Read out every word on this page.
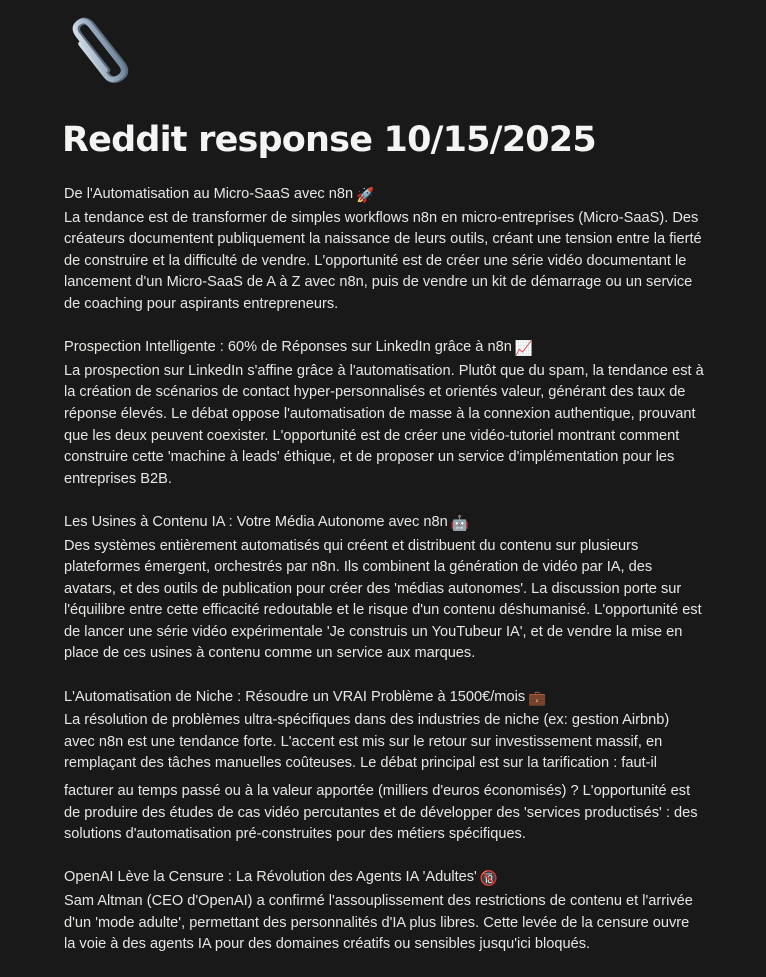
Reddit response 10/15/2025
De l'Automatisation au Micro-SaaS avec n8n 🚀
La tendance est de transformer de simples workflows n8n en micro-entreprises (Micro-SaaS). Des créateurs documentent publiquement la naissance de leurs outils, créant une tension entre la fierté de construire et la difficulté de vendre. L'opportunité est de créer une série vidéo documentant le lancement d'un Micro-SaaS de A à Z avec n8n, puis de vendre un kit de démarrage ou un service de coaching pour aspirants entrepreneurs.
Prospection Intelligente : 60% de Réponses sur LinkedIn grâce à n8n 📈
La prospection sur LinkedIn s'affine grâce à l'automatisation. Plutôt que du spam, la tendance est à la création de scénarios de contact hyper-personnalisés et orientés valeur, générant des taux de réponse élevés. Le débat oppose l'automatisation de masse à la connexion authentique, prouvant que les deux peuvent coexister. L'opportunité est de créer une vidéo-tutoriel montrant comment construire cette 'machine à leads' éthique, et de proposer un service d'implémentation pour les entreprises B2B.
Les Usines à Contenu IA : Votre Média Autonome avec n8n 🤖
Des systèmes entièrement automatisés qui créent et distribuent du contenu sur plusieurs plateformes émergent, orchestrés par n8n. Ils combinent la génération de vidéo par IA, des avatars, et des outils de publication pour créer des 'médias autonomes'. La discussion porte sur l'équilibre entre cette efficacité redoutable et le risque d'un contenu déshumanisé. L'opportunité est de lancer une série vidéo expérimentale 'Je construis un YouTubeur IA', et de vendre la mise en place de ces usines à contenu comme un service aux marques.
L'Automatisation de Niche : Résoudre un VRAI Problème à 1500€/mois 💼
La résolution de problèmes ultra-spécifiques dans des industries de niche (ex: gestion Airbnb) avec n8n est une tendance forte. L'accent est mis sur le retour sur investissement massif, en remplaçant des tâches manuelles coûteuses. Le débat principal est sur la tarification : faut-il
facturer au temps passé ou à la valeur apportée (milliers d'euros économisés) ? L'opportunité est de produire des études de cas vidéo percutantes et de développer des 'services productisés' : des solutions d'automatisation pré-construites pour des métiers spécifiques.
OpenAI Lève la Censure : La Révolution des Agents IA 'Adultes' 🔞
Sam Altman (CEO d'OpenAI) a confirmé l'assouplissement des restrictions de contenu et l'arrivée d'un 'mode adulte', permettant des personnalités d'IA plus libres. Cette levée de la censure ouvre la voie à des agents IA pour des domaines créatifs ou sensibles jusqu'ici bloqués.
